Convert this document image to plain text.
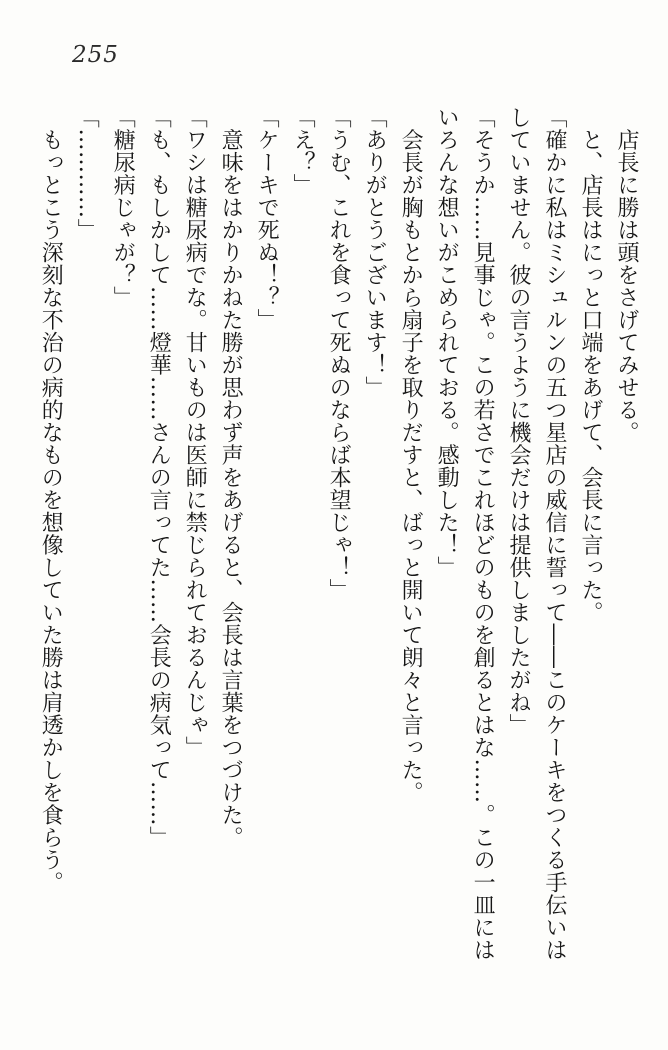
255

　店長に勝は頭をさげてみせる。

　と、店長はにっと口端をあげて、会長に言った。

「確かに私はミシュルンの五つ星店の威信に誓って――このケーキをつくる手伝いはしていません。彼の言うように機会だけは提供しましたがね」

「そうか……見事じゃ。この若さでこれほどのものを創るとはな……。この一皿にはいろんな想いがこめられておる。感動した！」

　会長が胸もとから扇子を取りだすと、ばっと開いて朗々と言った。

「ありがとうございます！」

「うむ、これを食って死ぬのならば本望じゃ！」

「え？」

「ケーキで死ぬ！？」

　意味をはかりかねた勝が思わず声をあげると、会長は言葉をつづけた。

「ワシは糖尿病でな。甘いものは医師に禁じられておるんじゃ」

「も、もしかして……燈華……さんの言ってた……会長の病気って……」

「糖尿病じゃが？」

「…………」

　もっとこう深刻な不治の病的なものを想像していた勝は肩透かしを食らう。
